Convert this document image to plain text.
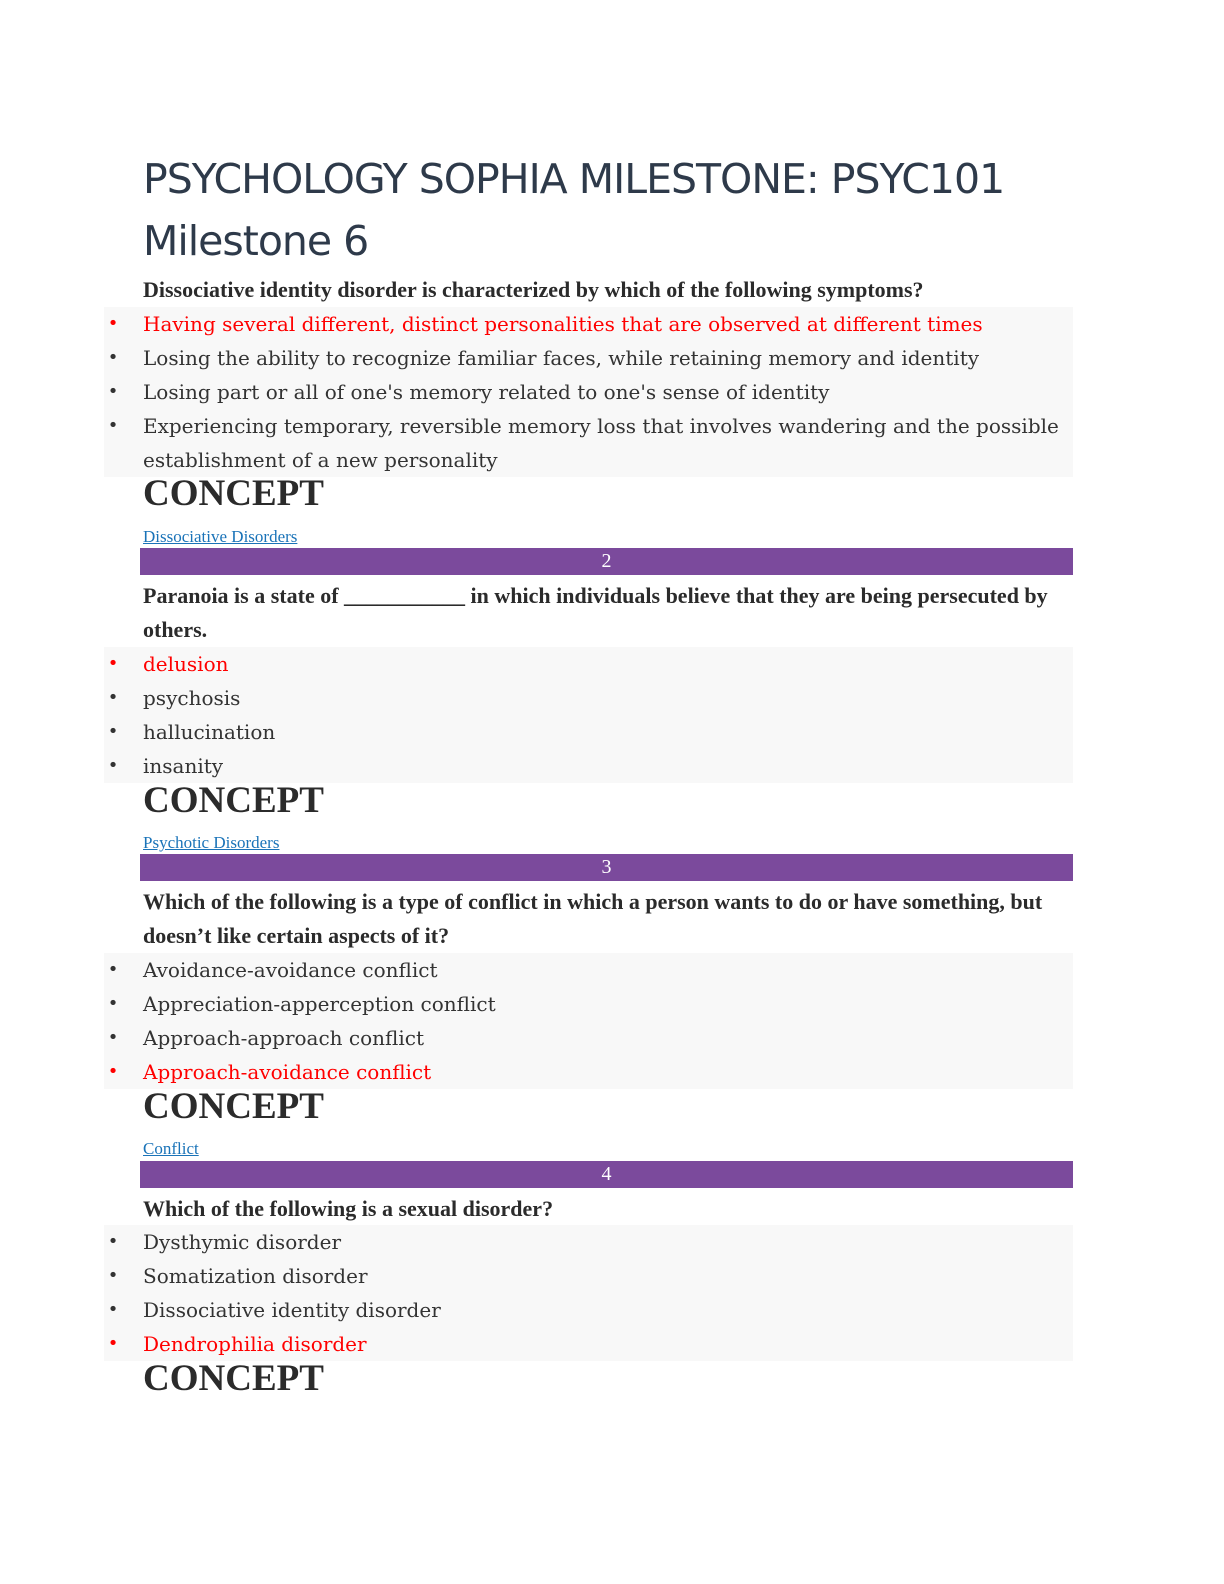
PSYCHOLOGY SOPHIA MILESTONE: PSYC101 Milestone 6

Dissociative identity disorder is characterized by which of the following symptoms?

• Having several different, distinct personalities that are observed at different times
• Losing the ability to recognize familiar faces, while retaining memory and identity
• Losing part or all of one's memory related to one's sense of identity
• Experiencing temporary, reversible memory loss that involves wandering and the possible establishment of a new personality
CONCEPT
Dissociative Disorders
2

Paranoia is a state of ___________ in which individuals believe that they are being persecuted by others.

• delusion
• psychosis
• hallucination
• insanity
CONCEPT
Psychotic Disorders
3

Which of the following is a type of conflict in which a person wants to do or have something, but doesn’t like certain aspects of it?

• Avoidance-avoidance conflict
• Appreciation-apperception conflict
• Approach-approach conflict
• Approach-avoidance conflict
CONCEPT
Conflict
4

Which of the following is a sexual disorder?

• Dysthymic disorder
• Somatization disorder
• Dissociative identity disorder
• Dendrophilia disorder
CONCEPT
